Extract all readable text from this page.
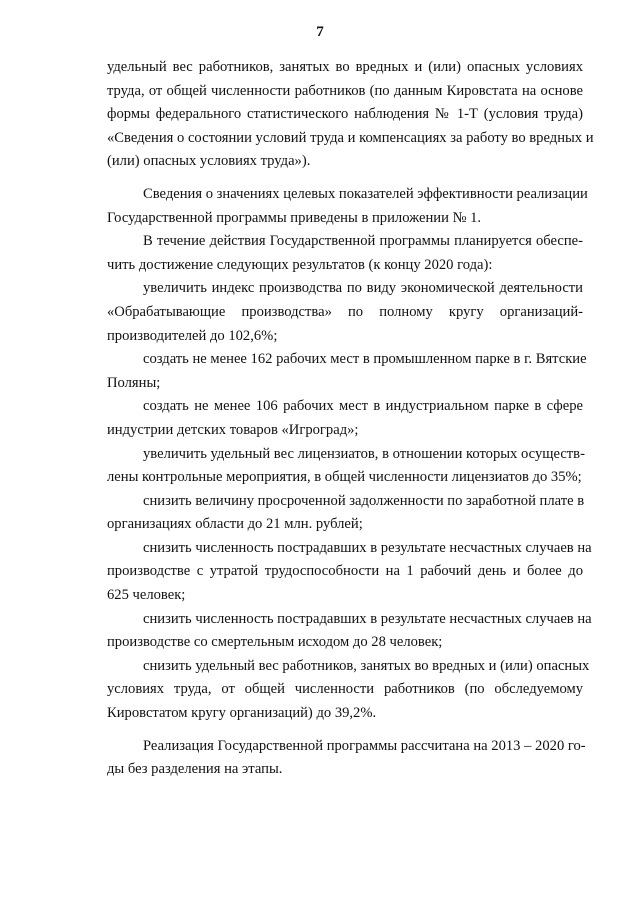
7
удельный вес работников, занятых во вредных и (или) опасных условиях
труда, от общей численности работников (по данным Кировстата на основе
формы федерального статистического наблюдения № 1-Т (условия труда)
«Сведения о состоянии условий труда и компенсациях за работу во вредных и
(или) опасных условиях труда»).
Сведения о значениях целевых показателей эффективности реализации
Государственной программы приведены в приложении № 1.
В течение действия Государственной программы планируется обеспе-
чить достижение следующих результатов (к концу 2020 года):
увеличить индекс производства по виду экономической деятельности
«Обрабатывающие производства» по полному кругу организаций-
производителей до 102,6%;
создать не менее 162 рабочих мест в промышленном парке в г. Вятские
Поляны;
создать не менее 106 рабочих мест в индустриальном парке в сфере
индустрии детских товаров «Игроград»;
увеличить удельный вес лицензиатов, в отношении которых осуществ-
лены контрольные мероприятия, в общей численности лицензиатов до 35%;
снизить величину просроченной задолженности по заработной плате в
организациях области до 21 млн. рублей;
снизить численность пострадавших в результате несчастных случаев на
производстве с утратой трудоспособности на 1 рабочий день и более до
625 человек;
снизить численность пострадавших в результате несчастных случаев на
производстве со смертельным исходом до 28 человек;
снизить удельный вес работников, занятых во вредных и (или) опасных
условиях труда, от общей численности работников (по обследуемому
Кировстатом кругу организаций) до 39,2%.
Реализация Государственной программы рассчитана на 2013 – 2020 го-
ды без разделения на этапы.
